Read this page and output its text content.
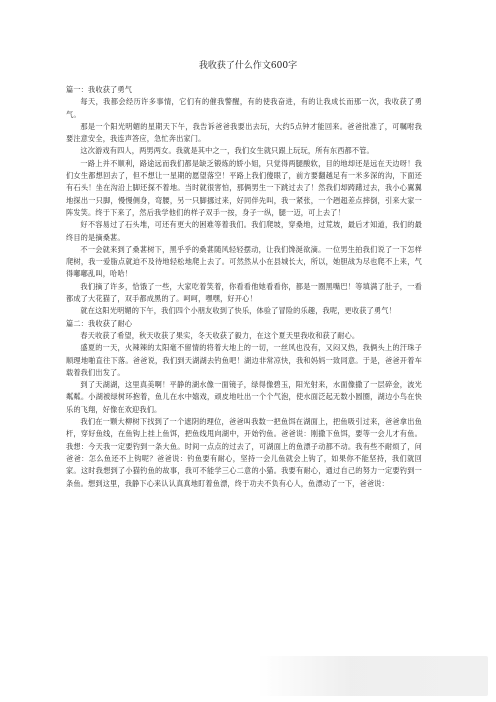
我收获了什么作文600字

篇一：我收获了勇气

每天，我都会经历许多事情，它们有的催我警醒，有的使我奋进，有的让我成长而那一次，我收获了勇气。

那是一个阳光明媚的星期天下午，我告诉爸爸我要出去玩，大约5点钟才能回来。爸爸批准了，可嘱咐我要注意安全，我连声答应，急忙奔出家门。

这次游戏有四人，两男两女。我就是其中之一，我们女生就只跟上玩玩，所有东西都不管。

一路上并不顺利，路途远而我们都是缺乏锻炼的娇小姐，只觉得两腿酸软，目的地却还是远在天边呀！我们女生都想回去了，但不想让一星期的愿望落空！平路上我们傻眼了，前方要翻越足有一米多深的沟，下面还有石头！坐在沟沿上脚还探不着地。当时就很害怕，那俩男生一下跳过去了！然我们却踌躇过去，我小心翼翼地探出一只脚，慢慢侧身，弯腰，另一只脚挪过来，好同伴先叫，我一紧张，一个趔趄差点摔倒，引来大家一阵发笑。终于下来了，然后我学他们的样子双手一按，身子一纵，腿一迈，可上去了！

好不容易过了石头堆，可还有更大的困难等着我们。我们爬坡，穿桑地，过荒坡，最后才知道，我们的最终目的是摘桑葚。

不一会就来到了桑葚树下，黑乎乎的桑葚随风轻轻摆动，让我们馋涎欲滴。一位男生拍我们说了一下怎样爬树，我一爱脂点就迫不及待地轻松地爬上去了。可然然从小在县城长大，所以，她胆战为尽也爬不上来，气得嘟嘟乱叫，哈哈！

我们摘了许多，恰饿了一些，大家吃着笑着，你看看他她看看你，都是一圈黑嘴巴！等填满了肚子，一看都成了大花猫了，双手都成黑的了。呵呵，嘿嘿，好开心！

就在这阳光明媚的下午，我们四个小朋友收到了快乐，体验了冒险的乐趣，我呢，更收获了勇气！

篇二：我收获了耐心

春天收获了希望，秋天收获了果实，冬天收获了毅力，在这个夏天里我收和获了耐心。

盛夏的一天，火辣辣的太阳毫不留情的将着大地上的一切，一丝风也没有，又闷又热，我俩头上的汗珠子顺理地啪直往下落。爸爸说，我们到天湖湖去钓鱼吧！湖边非常凉快，我和妈妈一致同意。于是，爸爸开着车载着我们出发了。

到了天湖湖，这里真美啊！平静的湖水像一面镜子，绿得像碧玉，阳光射来，水面像撒了一层碎金，波光粼粼。小湖被绿树环抱着，鱼儿在水中嬉戏，顽皮地吐出一个个气泡，使水面泛起无数小圆圈，湖边小鸟在快乐的飞翔，好像在欢迎我们。

我们在一颗大柳树下找到了一个遮阴的理位，爸爸叫我数一把鱼饵在湖面上，把鱼吸引过来，爸爸拿出鱼杆，穿好鱼线，在鱼钩上挂上鱼饵，把鱼线甩向湖中，开始钓鱼。爸爸说：刚撒下鱼饵，要等一会儿才有鱼。我想：今天我一定要钓到一条大鱼。时间一点点的过去了，可湖面上的鱼漂子动都不动。我有些不耐烦了，问爸爸：怎么鱼还不上钩呢？爸爸说：钓鱼要有耐心，坚持一会儿鱼就会上钩了，如果你不能坚持，我们就回家。这时我想到了小猫钓鱼的故事，我可不能学三心二意的小猫。我要有耐心，通过自己的努力一定要钓到一条鱼。想到这里，我静下心来认认真真地盯着鱼漂，终于功夫不负有心人，鱼漂动了一下，爸爸说：
